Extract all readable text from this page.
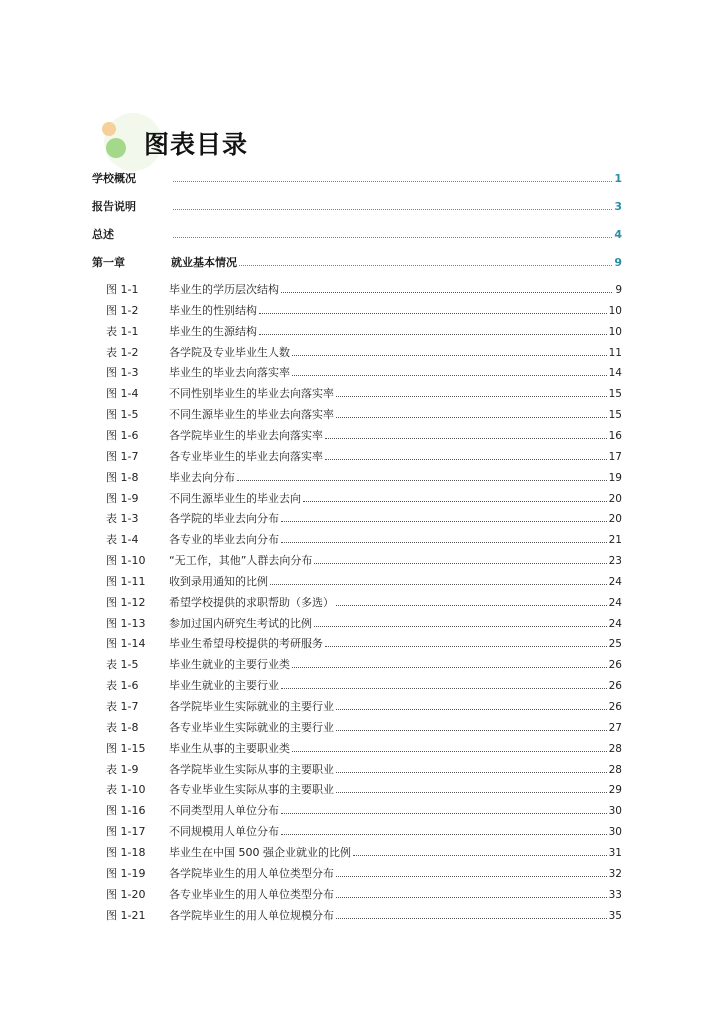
图表目录
学校概况	1
报告说明	3
总述	4
第一章	就业基本情况	9
图 1-1	毕业生的学历层次结构	9
图 1-2	毕业生的性别结构	10
表 1-1	毕业生的生源结构	10
表 1-2	各学院及专业毕业生人数	11
图 1-3	毕业生的毕业去向落实率	14
图 1-4	不同性别毕业生的毕业去向落实率	15
图 1-5	不同生源毕业生的毕业去向落实率	15
图 1-6	各学院毕业生的毕业去向落实率	16
图 1-7	各专业毕业生的毕业去向落实率	17
图 1-8	毕业去向分布	19
图 1-9	不同生源毕业生的毕业去向	20
表 1-3	各学院的毕业去向分布	20
表 1-4	各专业的毕业去向分布	21
图 1-10	“无工作，其他”人群去向分布	23
图 1-11	收到录用通知的比例	24
图 1-12	希望学校提供的求职帮助（多选）	24
图 1-13	参加过国内研究生考试的比例	24
图 1-14	毕业生希望母校提供的考研服务	25
表 1-5	毕业生就业的主要行业类	26
表 1-6	毕业生就业的主要行业	26
表 1-7	各学院毕业生实际就业的主要行业	26
表 1-8	各专业毕业生实际就业的主要行业	27
图 1-15	毕业生从事的主要职业类	28
表 1-9	各学院毕业生实际从事的主要职业	28
表 1-10	各专业毕业生实际从事的主要职业	29
图 1-16	不同类型用人单位分布	30
图 1-17	不同规模用人单位分布	30
图 1-18	毕业生在中国 500 强企业就业的比例	31
图 1-19	各学院毕业生的用人单位类型分布	32
图 1-20	各专业毕业生的用人单位类型分布	33
图 1-21	各学院毕业生的用人单位规模分布	35
